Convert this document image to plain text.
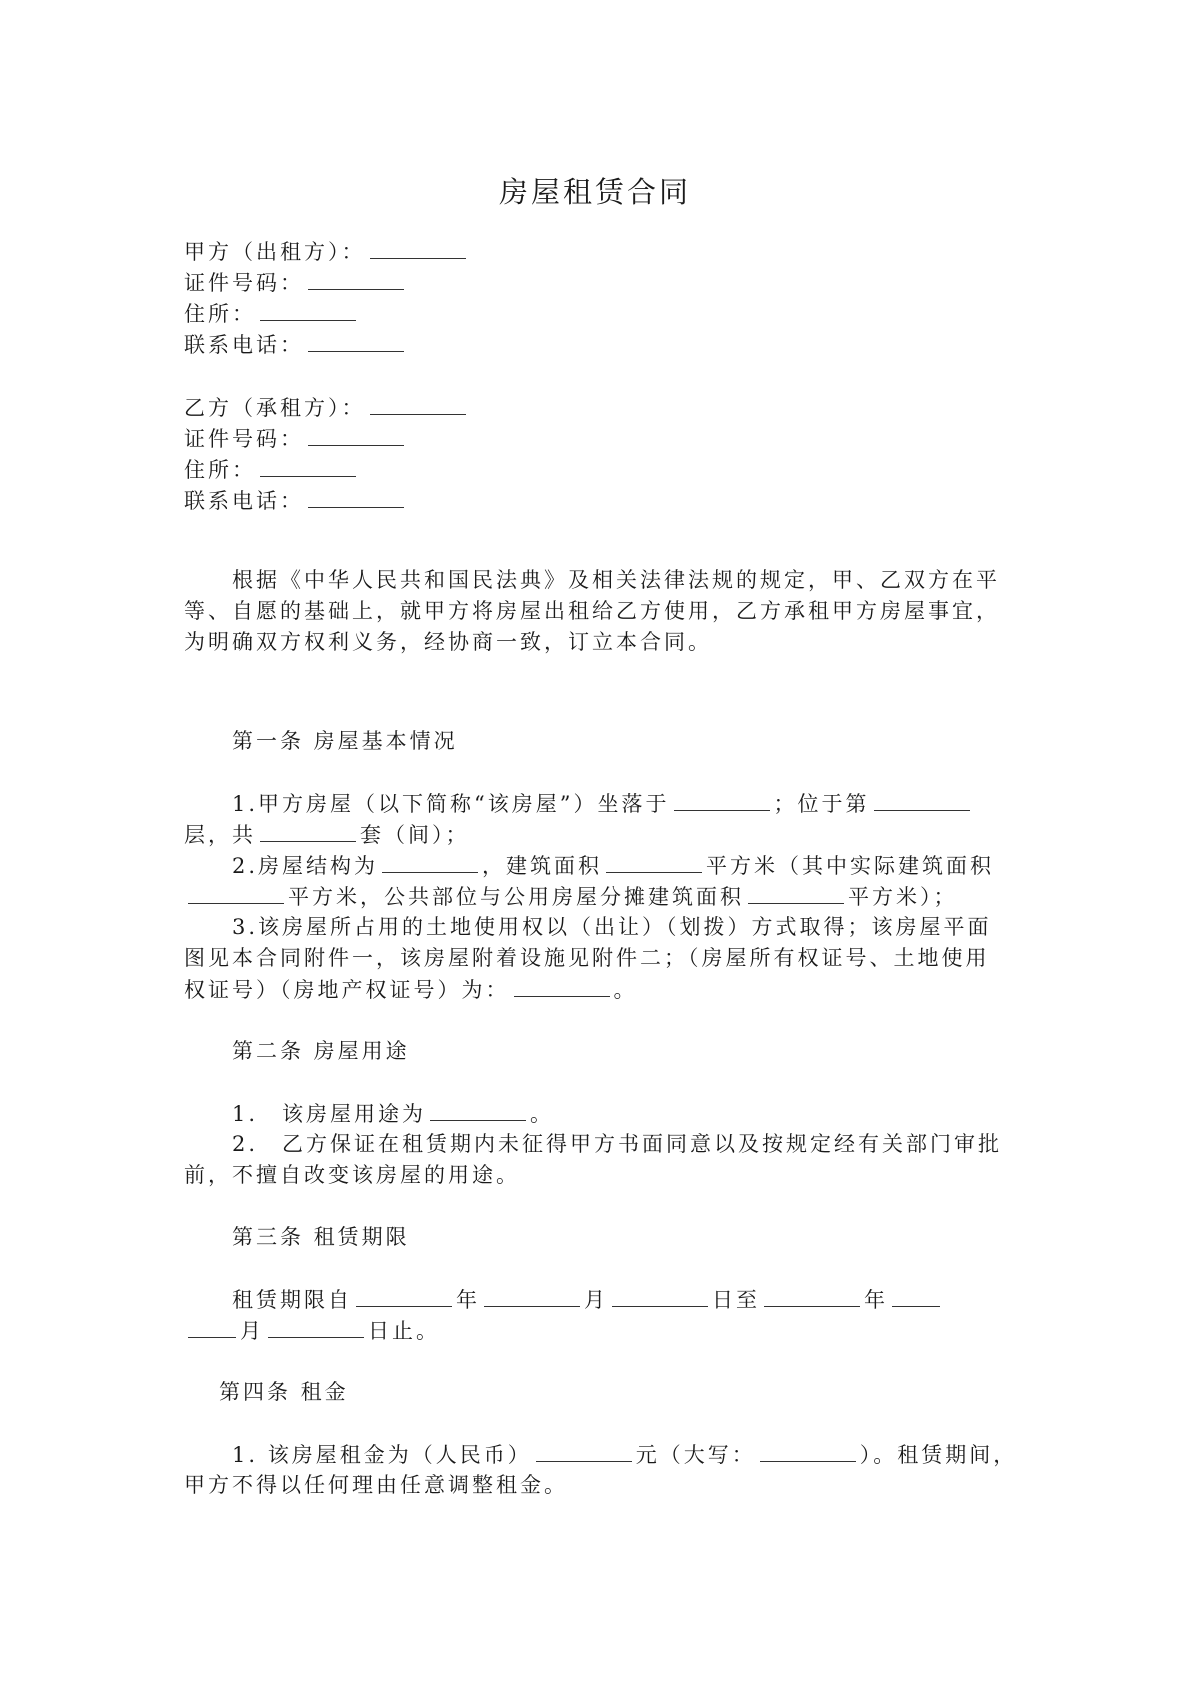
房屋租赁合同
甲方（出租方）：
证件号码：
住所：
联系电话：
乙方（承租方）：
证件号码：
住所：
联系电话：
根据《中华人民共和国民法典》及相关法律法规的规定，甲、乙双方在平
等、自愿的基础上，就甲方将房屋出租给乙方使用，乙方承租甲方房屋事宜，
为明确双方权利义务，经协商一致，订立本合同。
第一条 房屋基本情况
1.甲方房屋（以下简称“该房屋”）坐落于	；位于第
层，共	套（间）；
2.房屋结构为	，建筑面积	平方米（其中实际建筑面积
平方米，公共部位与公用房屋分摊建筑面积	平方米）；
3.该房屋所占用的土地使用权以（出让）（划拨）方式取得；该房屋平面
图见本合同附件一，该房屋附着设施见附件二；（房屋所有权证号、土地使用
权证号）（房地产权证号）为：	。
第二条 房屋用途
1.　该房屋用途为	。
2.　乙方保证在租赁期内未征得甲方书面同意以及按规定经有关部门审批
前，不擅自改变该房屋的用途。
第三条 租赁期限
租赁期限自	年	月	日至	年
月	日止。
第四条 租金
1. 该房屋租金为（人民币）	元（大写：	）。租赁期间，
甲方不得以任何理由任意调整租金。
